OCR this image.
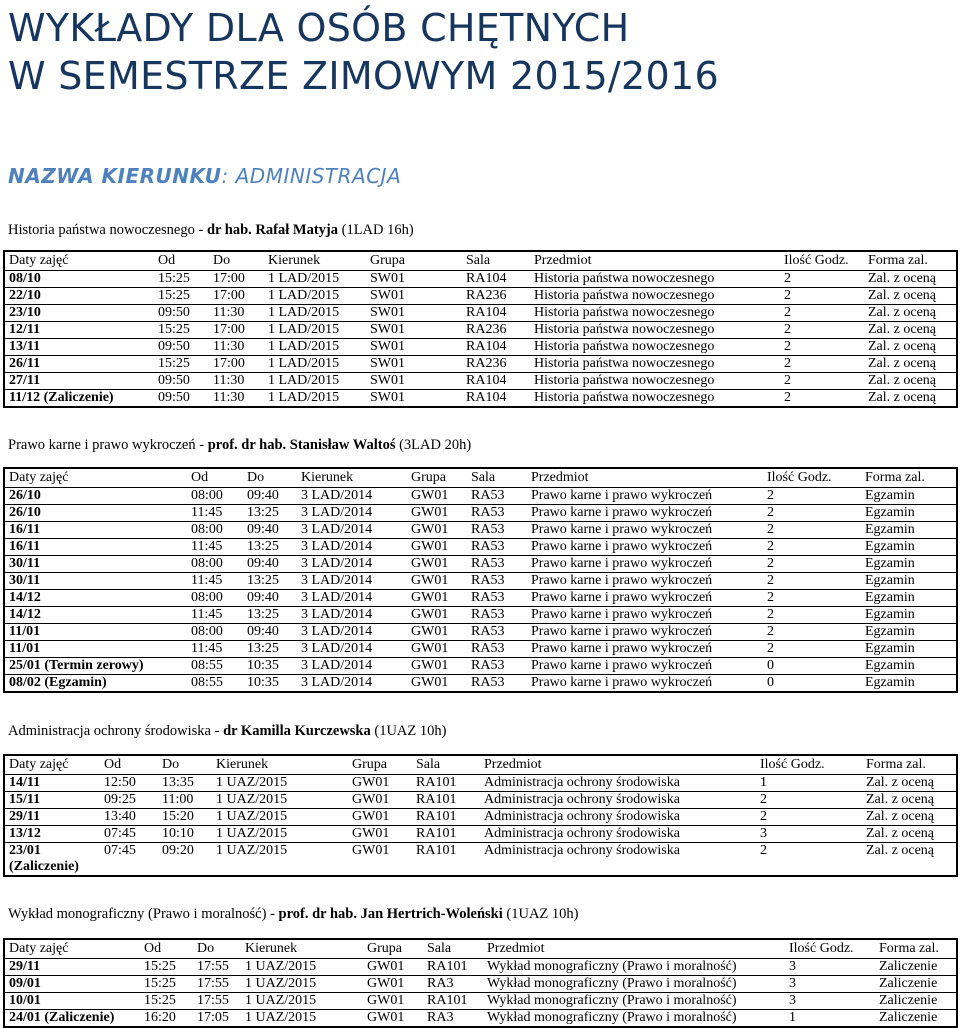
WYKŁADY DLA OSÓB CHĘTNYCH
W SEMESTRZE ZIMOWYM 2015/2016
NAZWA KIERUNKU: ADMINISTRACJA
Historia państwa nowoczesnego - dr hab. Rafał Matyja (1LAD 16h)
Daty zajęć	Od	Do	Kierunek	Grupa	Sala	Przedmiot	Ilość Godz.	Forma zal.
08/10	15:25	17:00	1 LAD/2015	SW01	RA104	Historia państwa nowoczesnego	2	Zal. z oceną
22/10	15:25	17:00	1 LAD/2015	SW01	RA236	Historia państwa nowoczesnego	2	Zal. z oceną
23/10	09:50	11:30	1 LAD/2015	SW01	RA104	Historia państwa nowoczesnego	2	Zal. z oceną
12/11	15:25	17:00	1 LAD/2015	SW01	RA236	Historia państwa nowoczesnego	2	Zal. z oceną
13/11	09:50	11:30	1 LAD/2015	SW01	RA104	Historia państwa nowoczesnego	2	Zal. z oceną
26/11	15:25	17:00	1 LAD/2015	SW01	RA236	Historia państwa nowoczesnego	2	Zal. z oceną
27/11	09:50	11:30	1 LAD/2015	SW01	RA104	Historia państwa nowoczesnego	2	Zal. z oceną
11/12 (Zaliczenie)	09:50	11:30	1 LAD/2015	SW01	RA104	Historia państwa nowoczesnego	2	Zal. z oceną
Prawo karne i prawo wykroczeń - prof. dr hab. Stanisław Waltoś (3LAD 20h)
Daty zajęć	Od	Do	Kierunek	Grupa	Sala	Przedmiot	Ilość Godz.	Forma zal.
26/10	08:00	09:40	3 LAD/2014	GW01	RA53	Prawo karne i prawo wykroczeń	2	Egzamin
26/10	11:45	13:25	3 LAD/2014	GW01	RA53	Prawo karne i prawo wykroczeń	2	Egzamin
16/11	08:00	09:40	3 LAD/2014	GW01	RA53	Prawo karne i prawo wykroczeń	2	Egzamin
16/11	11:45	13:25	3 LAD/2014	GW01	RA53	Prawo karne i prawo wykroczeń	2	Egzamin
30/11	08:00	09:40	3 LAD/2014	GW01	RA53	Prawo karne i prawo wykroczeń	2	Egzamin
30/11	11:45	13:25	3 LAD/2014	GW01	RA53	Prawo karne i prawo wykroczeń	2	Egzamin
14/12	08:00	09:40	3 LAD/2014	GW01	RA53	Prawo karne i prawo wykroczeń	2	Egzamin
14/12	11:45	13:25	3 LAD/2014	GW01	RA53	Prawo karne i prawo wykroczeń	2	Egzamin
11/01	08:00	09:40	3 LAD/2014	GW01	RA53	Prawo karne i prawo wykroczeń	2	Egzamin
11/01	11:45	13:25	3 LAD/2014	GW01	RA53	Prawo karne i prawo wykroczeń	2	Egzamin
25/01 (Termin zerowy)	08:55	10:35	3 LAD/2014	GW01	RA53	Prawo karne i prawo wykroczeń	0	Egzamin
08/02 (Egzamin)	08:55	10:35	3 LAD/2014	GW01	RA53	Prawo karne i prawo wykroczeń	0	Egzamin
Administracja ochrony środowiska - dr Kamilla Kurczewska (1UAZ 10h)
Daty zajęć	Od	Do	Kierunek	Grupa	Sala	Przedmiot	Ilość Godz.	Forma zal.
14/11	12:50	13:35	1 UAZ/2015	GW01	RA101	Administracja ochrony środowiska	1	Zal. z oceną
15/11	09:25	11:00	1 UAZ/2015	GW01	RA101	Administracja ochrony środowiska	2	Zal. z oceną
29/11	13:40	15:20	1 UAZ/2015	GW01	RA101	Administracja ochrony środowiska	2	Zal. z oceną
13/12	07:45	10:10	1 UAZ/2015	GW01	RA101	Administracja ochrony środowiska	3	Zal. z oceną
23/01 (Zaliczenie)	07:45	09:20	1 UAZ/2015	GW01	RA101	Administracja ochrony środowiska	2	Zal. z oceną
Wykład monograficzny (Prawo i moralność) - prof. dr hab. Jan Hertrich-Woleński (1UAZ 10h)
Daty zajęć	Od	Do	Kierunek	Grupa	Sala	Przedmiot	Ilość Godz.	Forma zal.
29/11	15:25	17:55	1 UAZ/2015	GW01	RA101	Wykład monograficzny (Prawo i moralność)	3	Zaliczenie
09/01	15:25	17:55	1 UAZ/2015	GW01	RA3	Wykład monograficzny (Prawo i moralność)	3	Zaliczenie
10/01	15:25	17:55	1 UAZ/2015	GW01	RA101	Wykład monograficzny (Prawo i moralność)	3	Zaliczenie
24/01 (Zaliczenie)	16:20	17:05	1 UAZ/2015	GW01	RA3	Wykład monograficzny (Prawo i moralność)	1	Zaliczenie
